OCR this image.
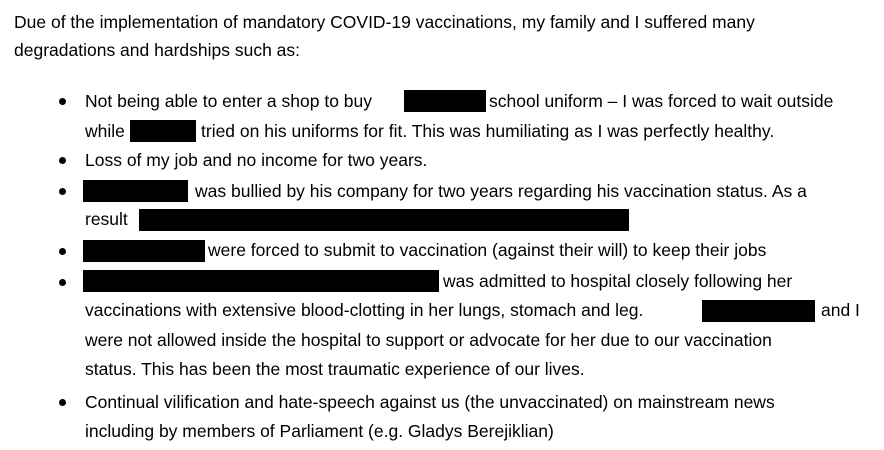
Due of the implementation of mandatory COVID-19 vaccinations, my family and I suffered many
degradations and hardships such as:
Not being able to enter a shop to buy	school uniform – I was forced to wait outside
while	tried on his uniforms for fit. This was humiliating as I was perfectly healthy.
Loss of my job and no income for two years.
was bullied by his company for two years regarding his vaccination status. As a
result
were forced to submit to vaccination (against their will) to keep their jobs
was admitted to hospital closely following her
vaccinations with extensive blood-clotting in her lungs, stomach and leg.	and I
were not allowed inside the hospital to support or advocate for her due to our vaccination
status. This has been the most traumatic experience of our lives.
Continual vilification and hate-speech against us (the unvaccinated) on mainstream news
including by members of Parliament (e.g. Gladys Berejiklian)
